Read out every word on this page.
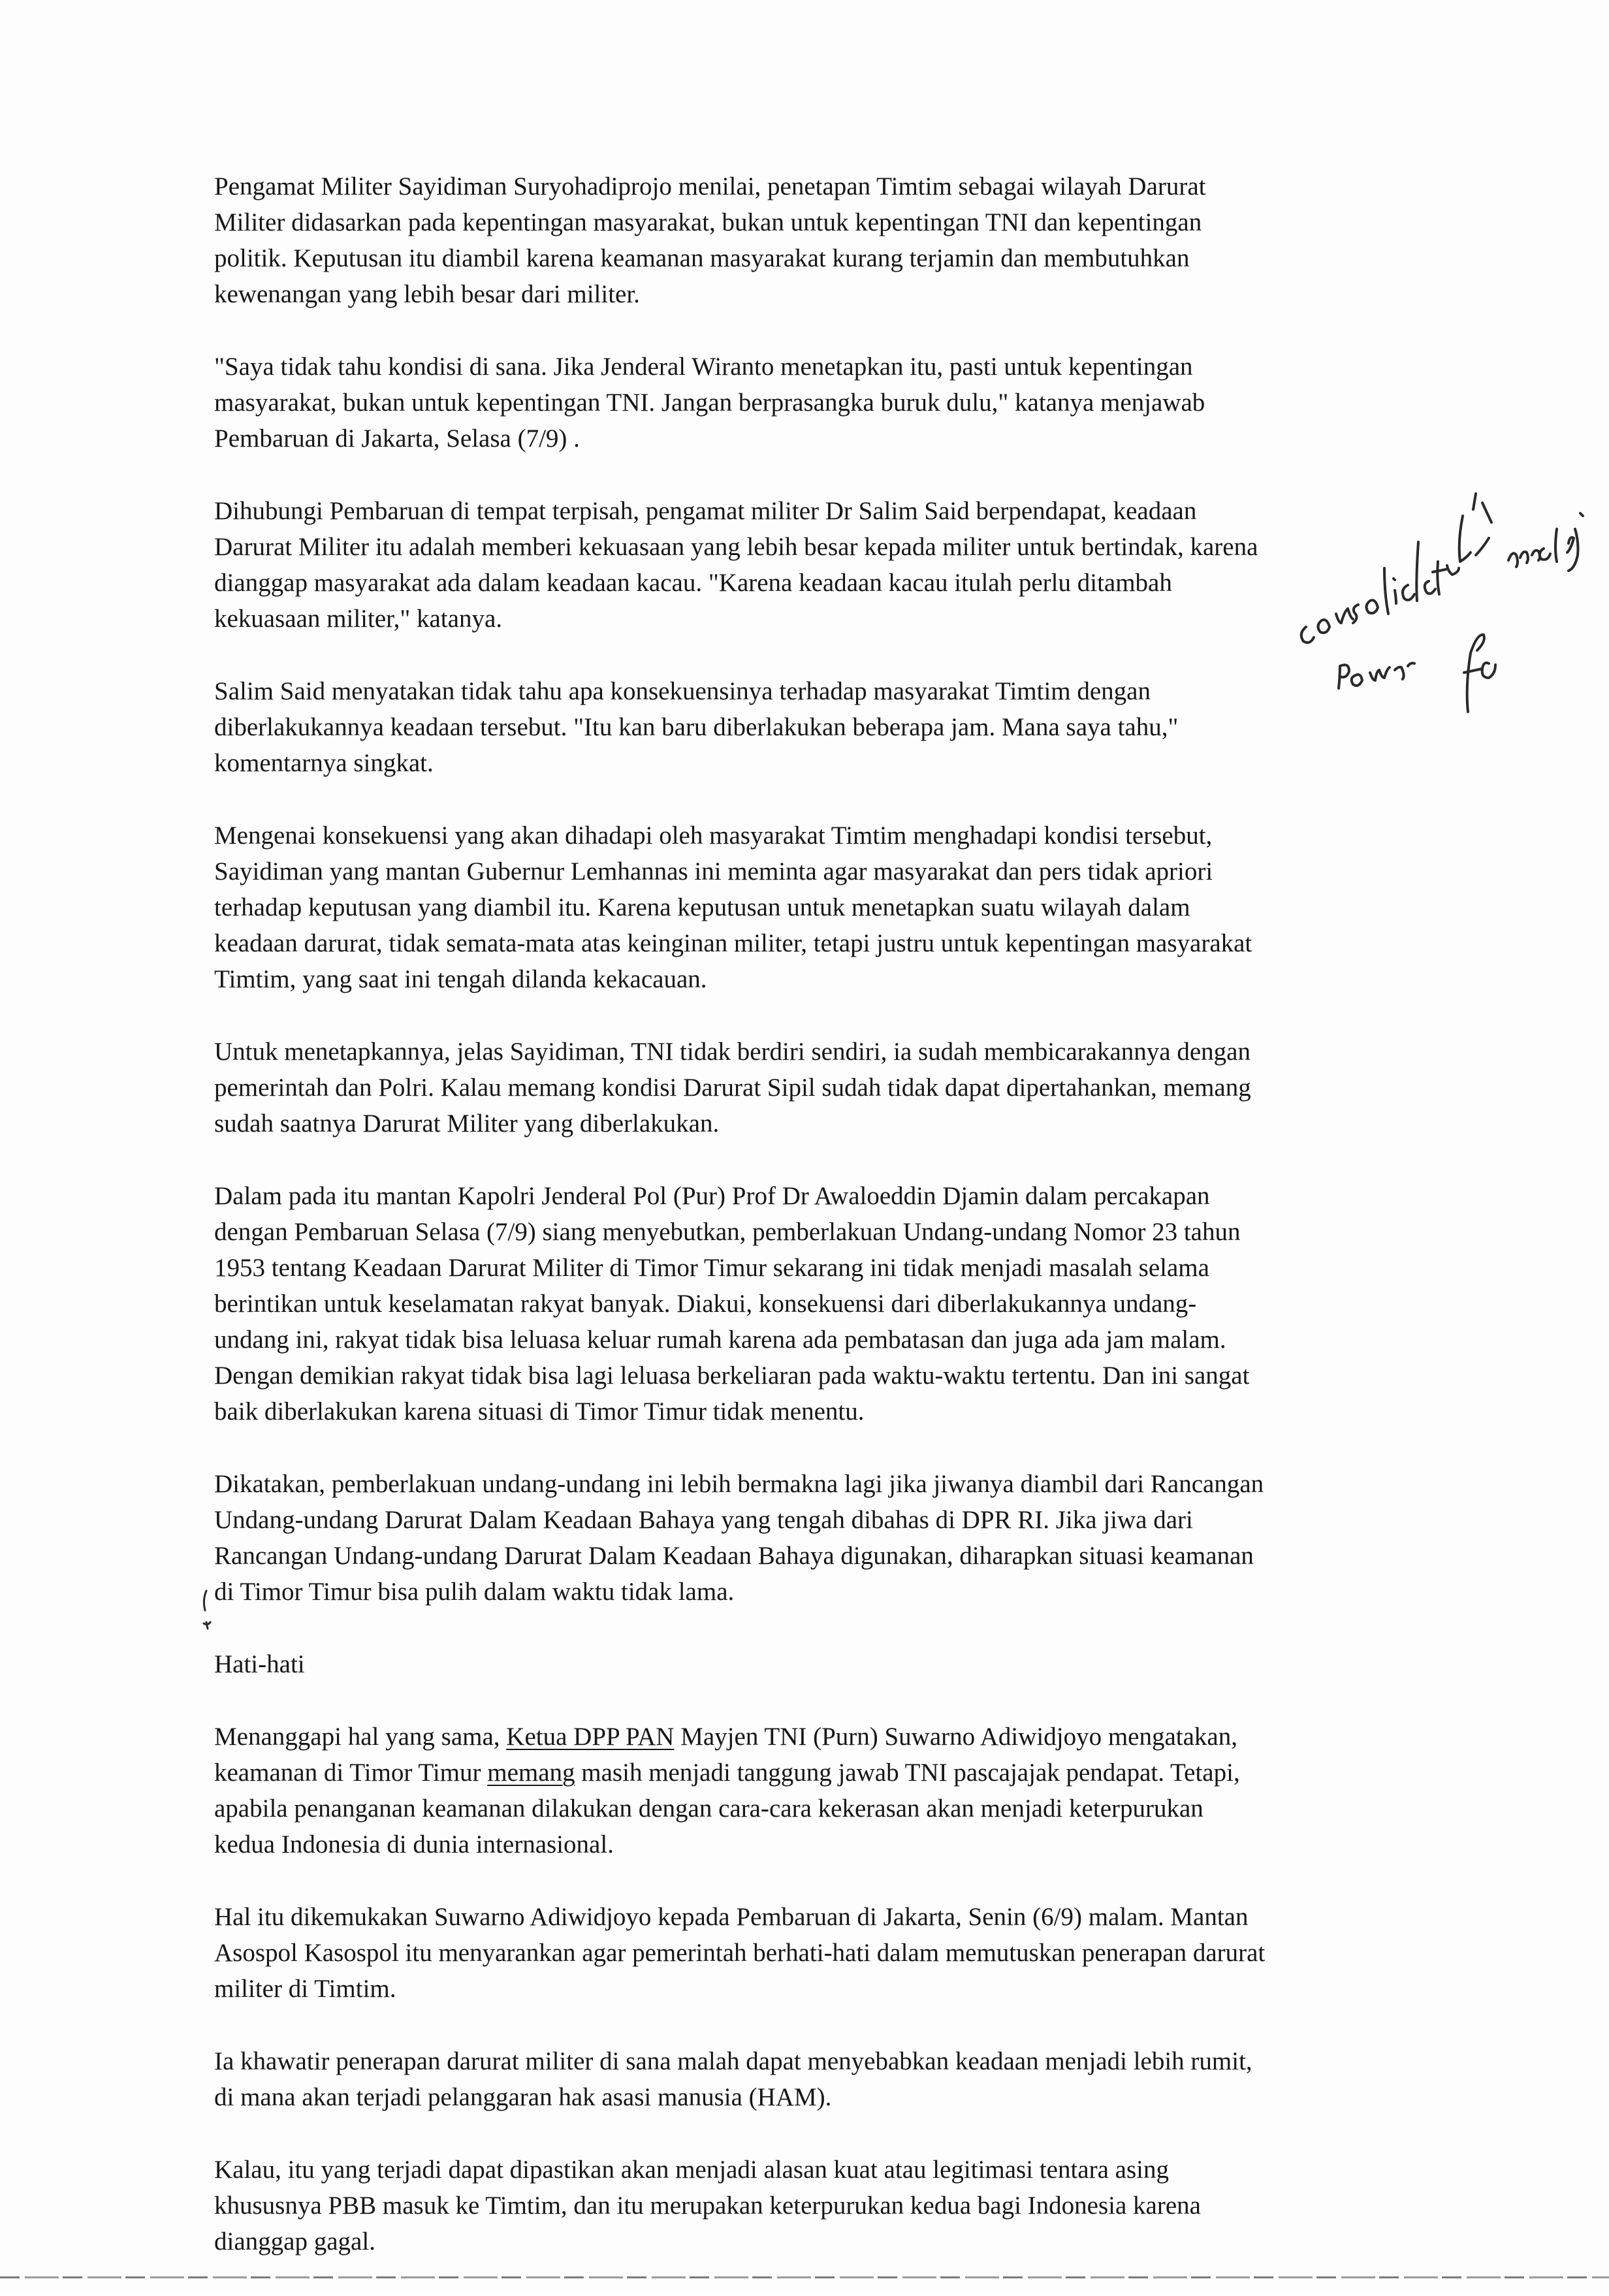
Pengamat Militer Sayidiman Suryohadiprojo menilai, penetapan Timtim sebagai wilayah Darurat
Militer didasarkan pada kepentingan masyarakat, bukan untuk kepentingan TNI dan kepentingan
politik. Keputusan itu diambil karena keamanan masyarakat kurang terjamin dan membutuhkan
kewenangan yang lebih besar dari militer.

"Saya tidak tahu kondisi di sana. Jika Jenderal Wiranto menetapkan itu, pasti untuk kepentingan
masyarakat, bukan untuk kepentingan TNI. Jangan berprasangka buruk dulu," katanya menjawab
Pembaruan di Jakarta, Selasa (7/9) .

Dihubungi Pembaruan di tempat terpisah, pengamat militer Dr Salim Said berpendapat, keadaan
Darurat Militer itu adalah memberi kekuasaan yang lebih besar kepada militer untuk bertindak, karena
dianggap masyarakat ada dalam keadaan kacau. "Karena keadaan kacau itulah perlu ditambah
kekuasaan militer," katanya.

Salim Said menyatakan tidak tahu apa konsekuensinya terhadap masyarakat Timtim dengan
diberlakukannya keadaan tersebut. "Itu kan baru diberlakukan beberapa jam. Mana saya tahu,"
komentarnya singkat.

Mengenai konsekuensi yang akan dihadapi oleh masyarakat Timtim menghadapi kondisi tersebut,
Sayidiman yang mantan Gubernur Lemhannas ini meminta agar masyarakat dan pers tidak apriori
terhadap keputusan yang diambil itu. Karena keputusan untuk menetapkan suatu wilayah dalam
keadaan darurat, tidak semata-mata atas keinginan militer, tetapi justru untuk kepentingan masyarakat
Timtim, yang saat ini tengah dilanda kekacauan.

Untuk menetapkannya, jelas Sayidiman, TNI tidak berdiri sendiri, ia sudah membicarakannya dengan
pemerintah dan Polri. Kalau memang kondisi Darurat Sipil sudah tidak dapat dipertahankan, memang
sudah saatnya Darurat Militer yang diberlakukan.

Dalam pada itu mantan Kapolri Jenderal Pol (Pur) Prof Dr Awaloeddin Djamin dalam percakapan
dengan Pembaruan Selasa (7/9) siang menyebutkan, pemberlakuan Undang-undang Nomor 23 tahun
1953 tentang Keadaan Darurat Militer di Timor Timur sekarang ini tidak menjadi masalah selama
berintikan untuk keselamatan rakyat banyak. Diakui, konsekuensi dari diberlakukannya undang-
undang ini, rakyat tidak bisa leluasa keluar rumah karena ada pembatasan dan juga ada jam malam.
Dengan demikian rakyat tidak bisa lagi leluasa berkeliaran pada waktu-waktu tertentu. Dan ini sangat
baik diberlakukan karena situasi di Timor Timur tidak menentu.

Dikatakan, pemberlakuan undang-undang ini lebih bermakna lagi jika jiwanya diambil dari Rancangan
Undang-undang Darurat Dalam Keadaan Bahaya yang tengah dibahas di DPR RI. Jika jiwa dari
Rancangan Undang-undang Darurat Dalam Keadaan Bahaya digunakan, diharapkan situasi keamanan
di Timor Timur bisa pulih dalam waktu tidak lama.

Hati-hati

Menanggapi hal yang sama, Ketua DPP PAN Mayjen TNI (Purn) Suwarno Adiwidjoyo mengatakan,
keamanan di Timor Timur memang masih menjadi tanggung jawab TNI pascajajak pendapat. Tetapi,
apabila penanganan keamanan dilakukan dengan cara-cara kekerasan akan menjadi keterpurukan
kedua Indonesia di dunia internasional.

Hal itu dikemukakan Suwarno Adiwidjoyo kepada Pembaruan di Jakarta, Senin (6/9) malam. Mantan
Asospol Kasospol itu menyarankan agar pemerintah berhati-hati dalam memutuskan penerapan darurat
militer di Timtim.

Ia khawatir penerapan darurat militer di sana malah dapat menyebabkan keadaan menjadi lebih rumit,
di mana akan terjadi pelanggaran hak asasi manusia (HAM).

Kalau, itu yang terjadi dapat dipastikan akan menjadi alasan kuat atau legitimasi tentara asing
khususnya PBB masuk ke Timtim, dan itu merupakan keterpurukan kedua bagi Indonesia karena
dianggap gagal.
